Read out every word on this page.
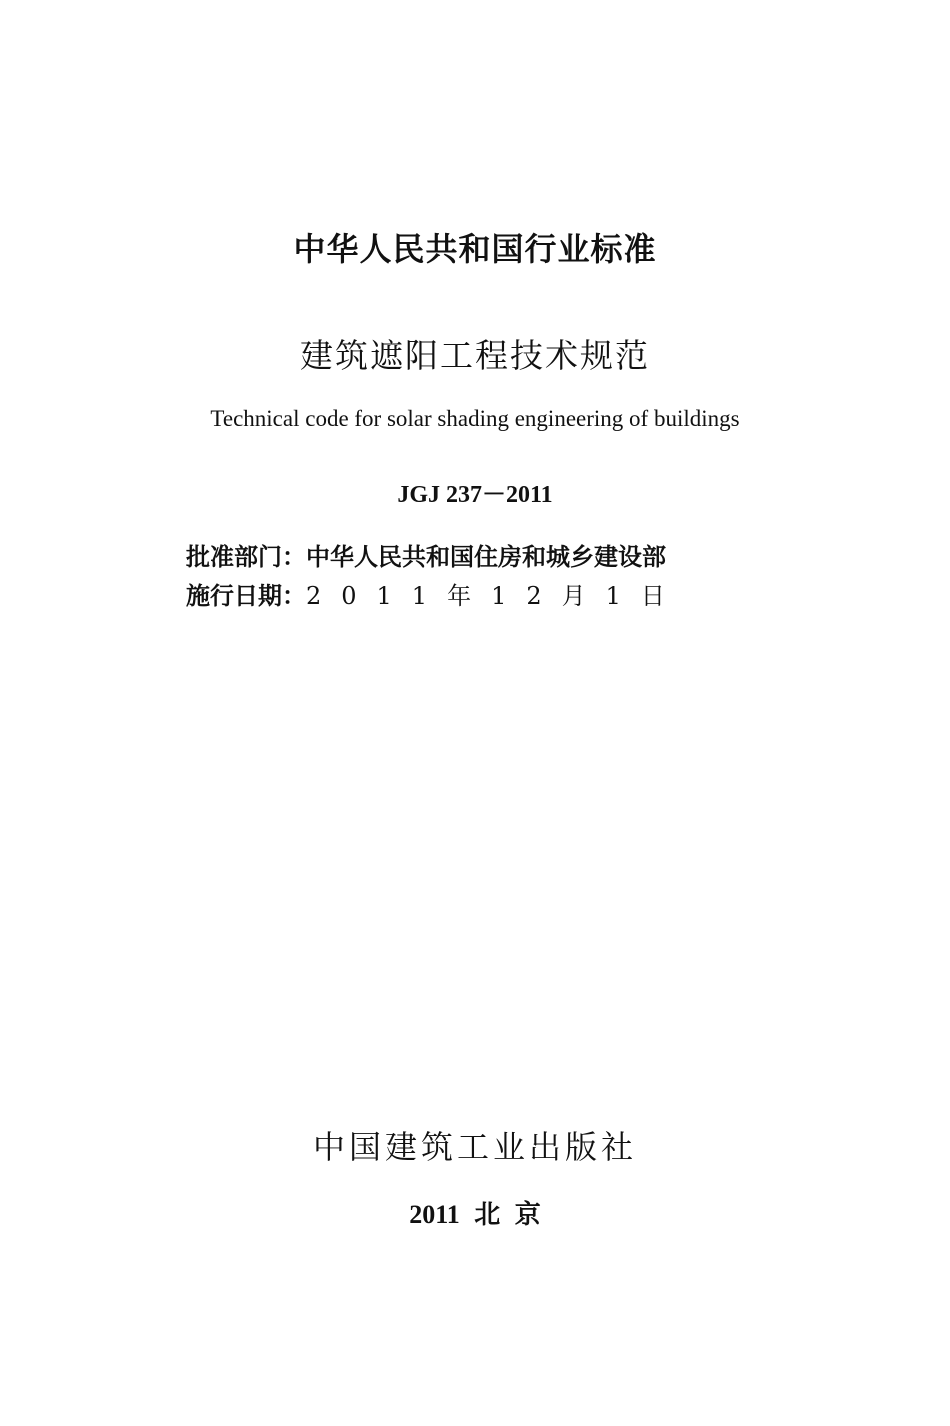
中华人民共和国行业标准
建筑遮阳工程技术规范
Technical code for solar shading engineering of buildings
JGJ 237－2011
批准部门：中华人民共和国住房和城乡建设部
施行日期：2011年12月1日
中国建筑工业出版社
2011 北 京
